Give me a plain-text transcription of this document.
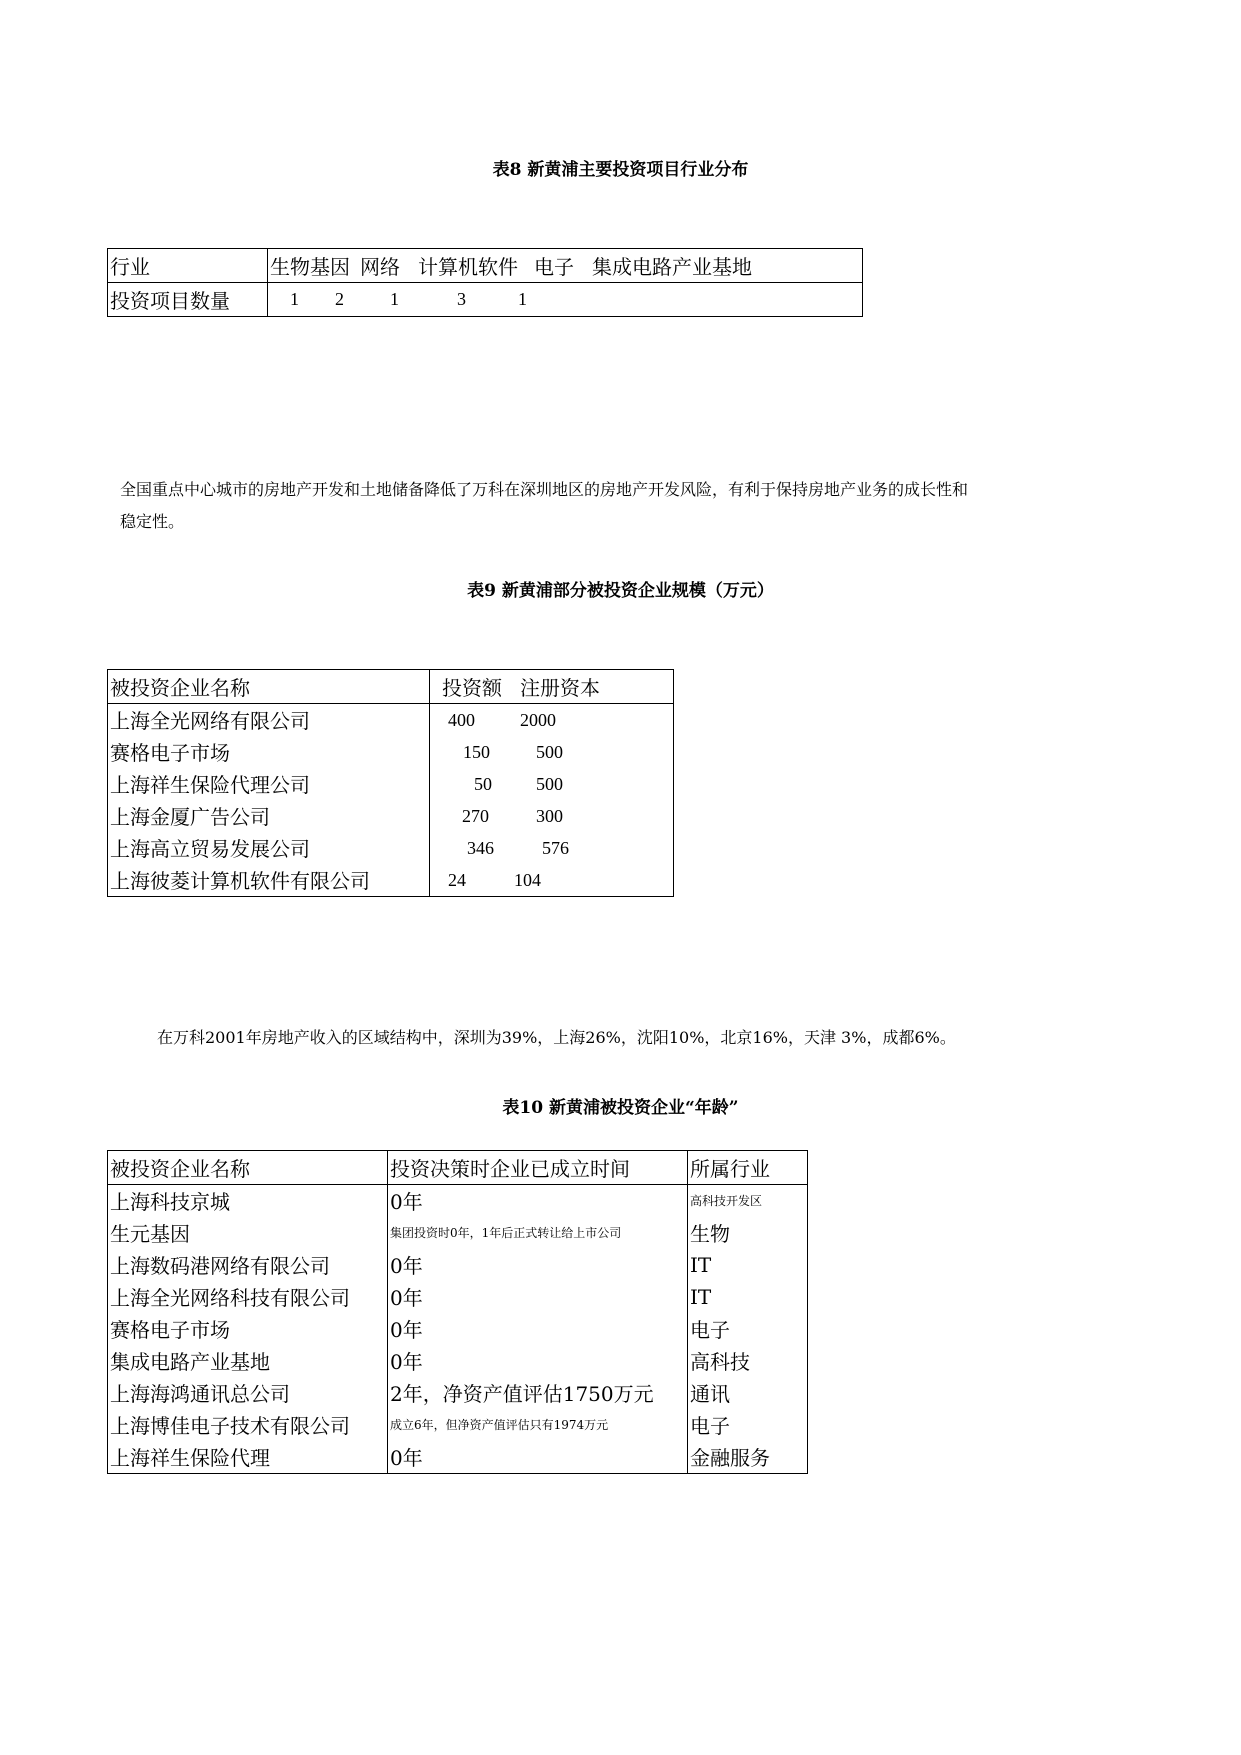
表8 新黄浦主要投资项目行业分布
行业	生物基因 网络 计算机软件 电子 集成电路产业基地
投资项目数量	1 2 1 3 1
全国重点中心城市的房地产开发和土地储备降低了万科在深圳地区的房地产开发风险，有利于保持房地产业务的成长性和
稳定性。
表9 新黄浦部分被投资企业规模（万元）
被投资企业名称	投资额 注册资本
上海全光网络有限公司	400 2000

赛格电子市场	150 500

上海祥生保险代理公司	50 500

上海金厦广告公司	270 300

上海高立贸易发展公司	346 576

上海彼菱计算机软件有限公司	24 104
在万科2001年房地产收入的区域结构中，深圳为39%，上海26%，沈阳10%，北京16%，天津 3%，成都6%。
表10 新黄浦被投资企业“年龄”
被投资企业名称	投资决策时企业已成立时间	所属行业
上海科技京城	0年	高科技开发区
生元基因	集团投资时0年，1年后正式转让给上市公司	生物
上海数码港网络有限公司	0年	IT
上海全光网络科技有限公司	0年	IT
赛格电子市场	0年	电子
集成电路产业基地	0年	高科技
上海海鸿通讯总公司	2年，净资产值评估1750万元	通讯
上海博佳电子技术有限公司	成立6年，但净资产值评估只有1974万元	电子
上海祥生保险代理	0年	金融服务
